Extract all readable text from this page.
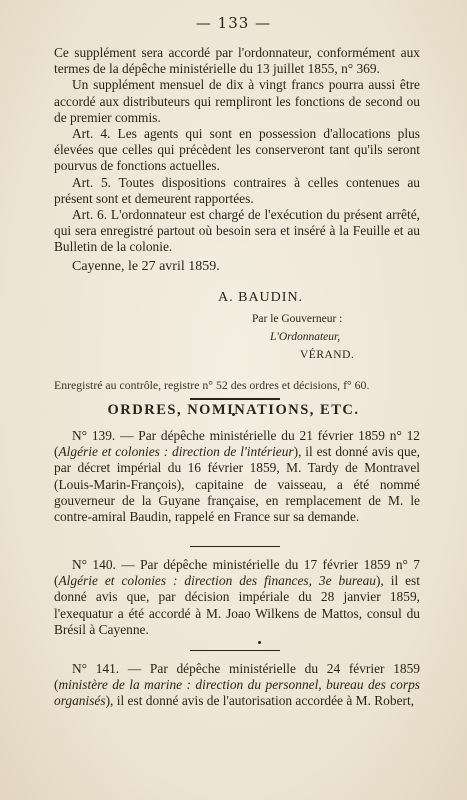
— 133 —

Ce supplément sera accordé par l'ordonnateur, conformément aux termes de la dépêche ministérielle du 13 juillet 1855, n° 369.

Un supplément mensuel de dix à vingt francs pourra aussi être accordé aux distributeurs qui rempliront les fonctions de second ou de premier commis.

Art. 4. Les agents qui sont en possession d'allocations plus élevées que celles qui précèdent les conserveront tant qu'ils seront pourvus de fonctions actuelles.

Art. 5. Toutes dispositions contraires à celles contenues au présent sont et demeurent rapportées.

Art. 6. L'ordonnateur est chargé de l'exécution du présent arrêté, qui sera enregistré partout où besoin sera et inséré à la Feuille et au Bulletin de la colonie.

Cayenne, le 27 avril 1859.

A. BAUDIN.
Par le Gouverneur :
L'Ordonnateur,
VÉRAND.
Enregistré au contrôle, registre n° 52 des ordres et décisions, f° 60.
ORDRES, NOMINATIONS, ETC.

N° 139. — Par dépêche ministérielle du 21 février 1859 n° 12 (Algérie et colonies : direction de l'intérieur), il est donné avis que, par décret impérial du 16 février 1859, M. Tardy de Montravel (Louis-Marin-François), capitaine de vaisseau, a été nommé gouverneur de la Guyane française, en remplacement de M. le contre-amiral Baudin, rappelé en France sur sa demande.

N° 140. — Par dépêche ministérielle du 17 février 1859 n° 7 (Algérie et colonies : direction des finances, 3e bureau), il est donné avis que, par décision impériale du 28 janvier 1859, l'exequatur a été accordé à M. Joao Wilkens de Mattos, consul du Brésil à Cayenne.

N° 141. — Par dépêche ministérielle du 24 février 1859 (ministère de la marine : direction du personnel, bureau des corps organisés), il est donné avis de l'autorisation accordée à M. Robert,
